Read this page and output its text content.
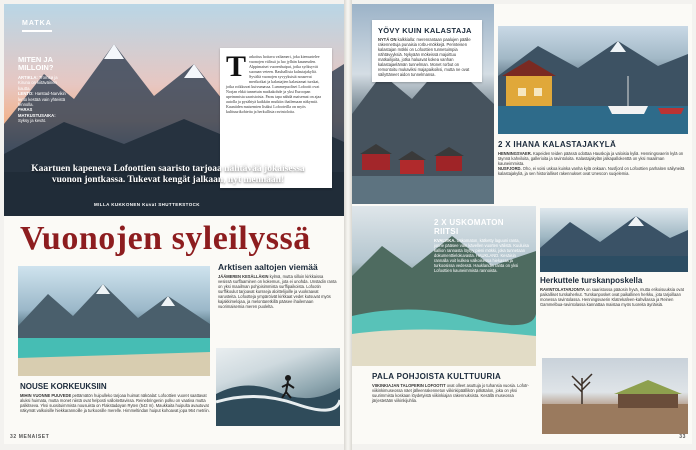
MATKA
MITEN JA MILLOIN?

ARTIKLA: Tromsø ja Kiruna on kiitäväinen kautta.

LENTO: Harstad-Narvikin lento kestää vain yhteistä lennolla.

PARAS MATKUSTUSAIKA: Syksy ja kevät.

T arkoitus hoitava valtameri, joka kiemurtelee vuonojen välissä ja luo jylhän kauneuden. Alppimaiset vuorenhuiput, jotka syöksyvät suoraan veteen. Rauhallisia kalastajakyliä. Syvältä vuonojen syvyyksistä nousevat merikotkat ja kalastajien kalastamat turskat, jotka roikkuvat kuivumassa. Lummepuoliset Lofootit ovat Norjan ehkä tunnetuin matkakohde ja yksi Euroopan upeimmista saaristoista. Paras tapa nähdä maisemat on ajaa autolla ja pysähtyä kaikkiin mutkiin ihailemaan näkymiä. Kauniiden maisemien lisäksi Lofooteilla on myös kulttuurikohteita ja herkullisia ravintoloita.
Kaartuen kapeneva Lofoottien saaristo tarjoaa nähtävää jokaisessa vuonon jontkassa. Tukevat kengät jalkaan, nyt mennään!
MILLA KUKKONEN Kuvat SHUTTERSTOCK
Vuonojen syleilyssä
Arktisen aaltojen viemää

JÄÄMEREN KESÄLLÄKIN kylmä, mutta silloin kirkkaissa vesissä surffaaminen on kokemus, jota ei unohda. Unstadin ranta on yksi maailman pohjoisimmista surffipaikoista. Lofootin surffikoulut tarjoavat kursseja aloittelijoille ja vuokraavat varusteita. Lofootteja ympäröivät kirkkaat vedet kutsuvat myös kajakkimelojaa, ja melontaretkillä pääsee ihailemaan vuorimaisemia meren puolelta.

NOUSE KORKEUKSIIN

MIHIN VUONNE PUUVEDE pettämätön huipulleko tarjoaa huimat näköalat: Lofoottien vuoret saattavat aluksi huimata, mutta monet niistä ovat helposti valloitettavissa. Reinebringenin polku on vaativa mutta palkitseva. Yksi suosituimmista nousuista on Flakstadøyan Ryten (543 m). Maukkaita huipulta avautuvat näkymät valkoisille hiekkarannoille ja turkoosille merelle. Himmeltindan huiput kohoavat jopa 964 metriin.

32 MENAISET
YÖVY KUIN KALASTAJA

NYTÄ ON kalkkialla: merenrantaan paalujen päälle rakennettuja punaisia rorbu-mökkejä. Perinteisen kalastajan mökki on Lofoottien tunnetuimpia nähtävyyksiä. Nykyään mökeissä majoittuu matkailijoita, jotka haluavat kokea vanhan kalastajaelämän tunnelman. Monet rorbut on remontoitu mukaviksi majapaikoiksi, mutta ne ovat säilyttäneet aidon tunnelmansa.

2 X IHANA KALASTAJAKYLÄ

HENNINGSVAER. Kapeiden teiden päässä odottaa Hauskoja ja valoisia kyliä. Henningsvaerin kylä on täynnä kahviloita, gallerioita ja ravintoloita. Kalastajakylän jalkapallokenttä on yksi maailman kauneimmista.

NUSFJORD. Oho, ei voisi uskoa kuinka vanha kylä onkaan. Nusfjord on Lofoottien parhaiten säilyneitä kalastajakyliä, ja sen historialliset rakennukset ovat Unescon suojelemia.

2 X USKOMATON RIITSI

KVALVIKA. Uskomaton, kätketty laguuni ranta, jonne pääsee vain kävellen vuorten välistä. Kuuluisa kallion rannasta löytyy pieni mökki, joka tunnetaan dokumenttielokuvasta. HAUKLAND. Kesäisin rannalla voit kulkea valkoisessa hiekassa ja turkoosissa vedessä. Hauklandin ranta on yksi Lofoottien kauneimmista rannoista.

Herkuttele turskanposkella

RAVINTOLATARJONTA on saaristossa pääosin hyvä, mutta erikoisuuksia ovat paikalliset turskaherkut. Turskanposket ovat paikallinen herkku, jota tarjoillaan monessa ravintolassa. Henningsvaerin Klatrekafeen-kahvilassa ja Reinen Gammelbua-ravintolassa kannattaa maistaa myös tuoreita äyriäisiä.

PALA POHJOISTA KULTTUURIA

VIIKINKIAJAN TALOPERIN LOFOOTIT ovat olleet asuttuja jo tuhansia vuosia. Lofotr-viikinkimuseossa näet jälleenrakennetun viikinkipäällikön pitkätalon, joka on yksi suurimmista koskaan löydetyistä viikinkiajan rakennuksista. Kesällä museossa järjestetään viikinkijuhlia.

33
